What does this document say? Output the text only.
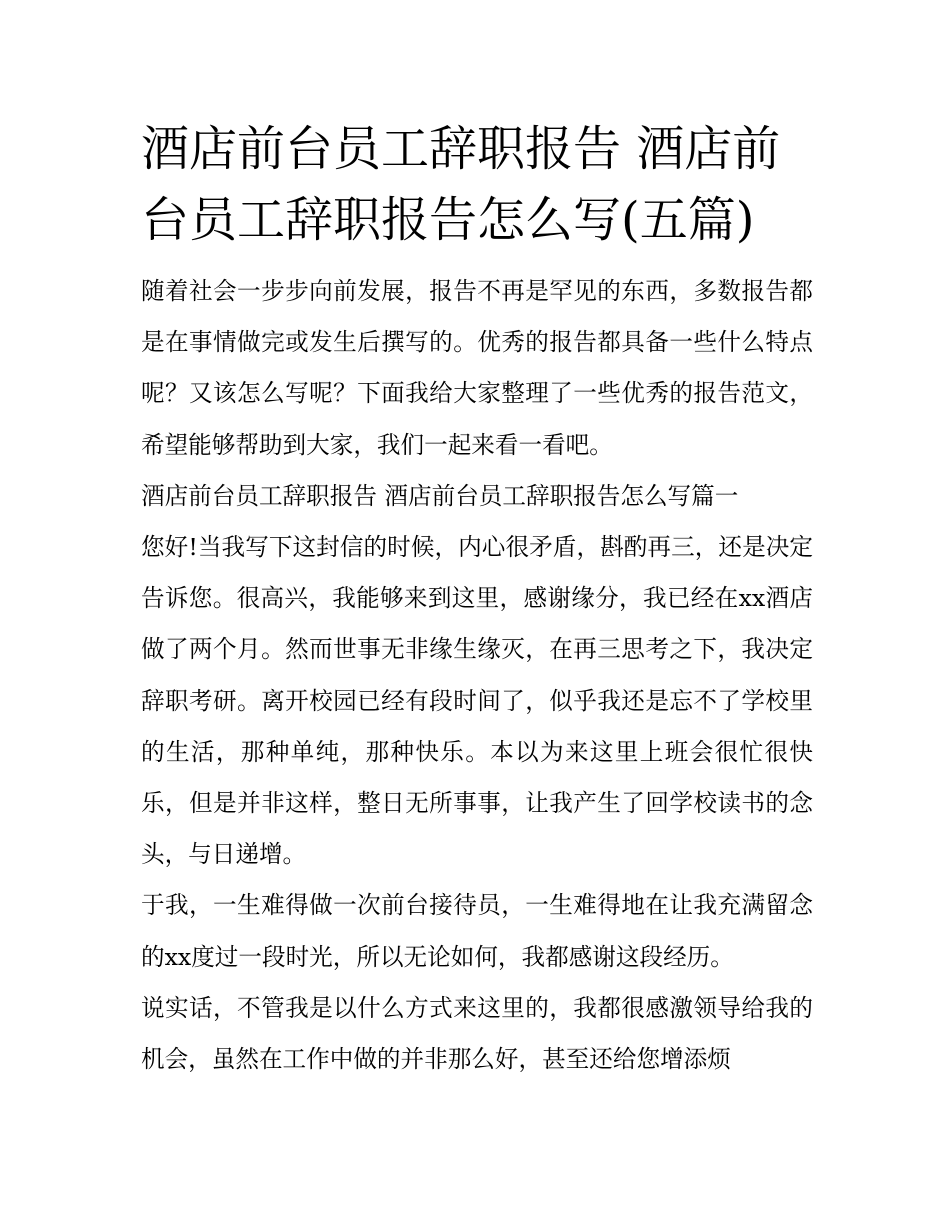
酒店前台员工辞职报告 酒店前台员工辞职报告怎么写(五篇)

随着社会一步步向前发展，报告不再是罕见的东西，多数报告都是在事情做完或发生后撰写的。优秀的报告都具备一些什么特点呢？又该怎么写呢？下面我给大家整理了一些优秀的报告范文，希望能够帮助到大家，我们一起来看一看吧。

酒店前台员工辞职报告 酒店前台员工辞职报告怎么写篇一

您好!当我写下这封信的时候，内心很矛盾，斟酌再三，还是决定告诉您。很高兴，我能够来到这里，感谢缘分，我已经在xx酒店做了两个月。然而世事无非缘生缘灭，在再三思考之下，我决定辞职考研。离开校园已经有段时间了，似乎我还是忘不了学校里的生活，那种单纯，那种快乐。本以为来这里上班会很忙很快乐，但是并非这样，整日无所事事，让我产生了回学校读书的念头，与日递增。

于我，一生难得做一次前台接待员，一生难得地在让我充满留念的xx度过一段时光，所以无论如何，我都感谢这段经历。

说实话，不管我是以什么方式来这里的，我都很感激领导给我的机会，虽然在工作中做的并非那么好，甚至还给您增添烦
